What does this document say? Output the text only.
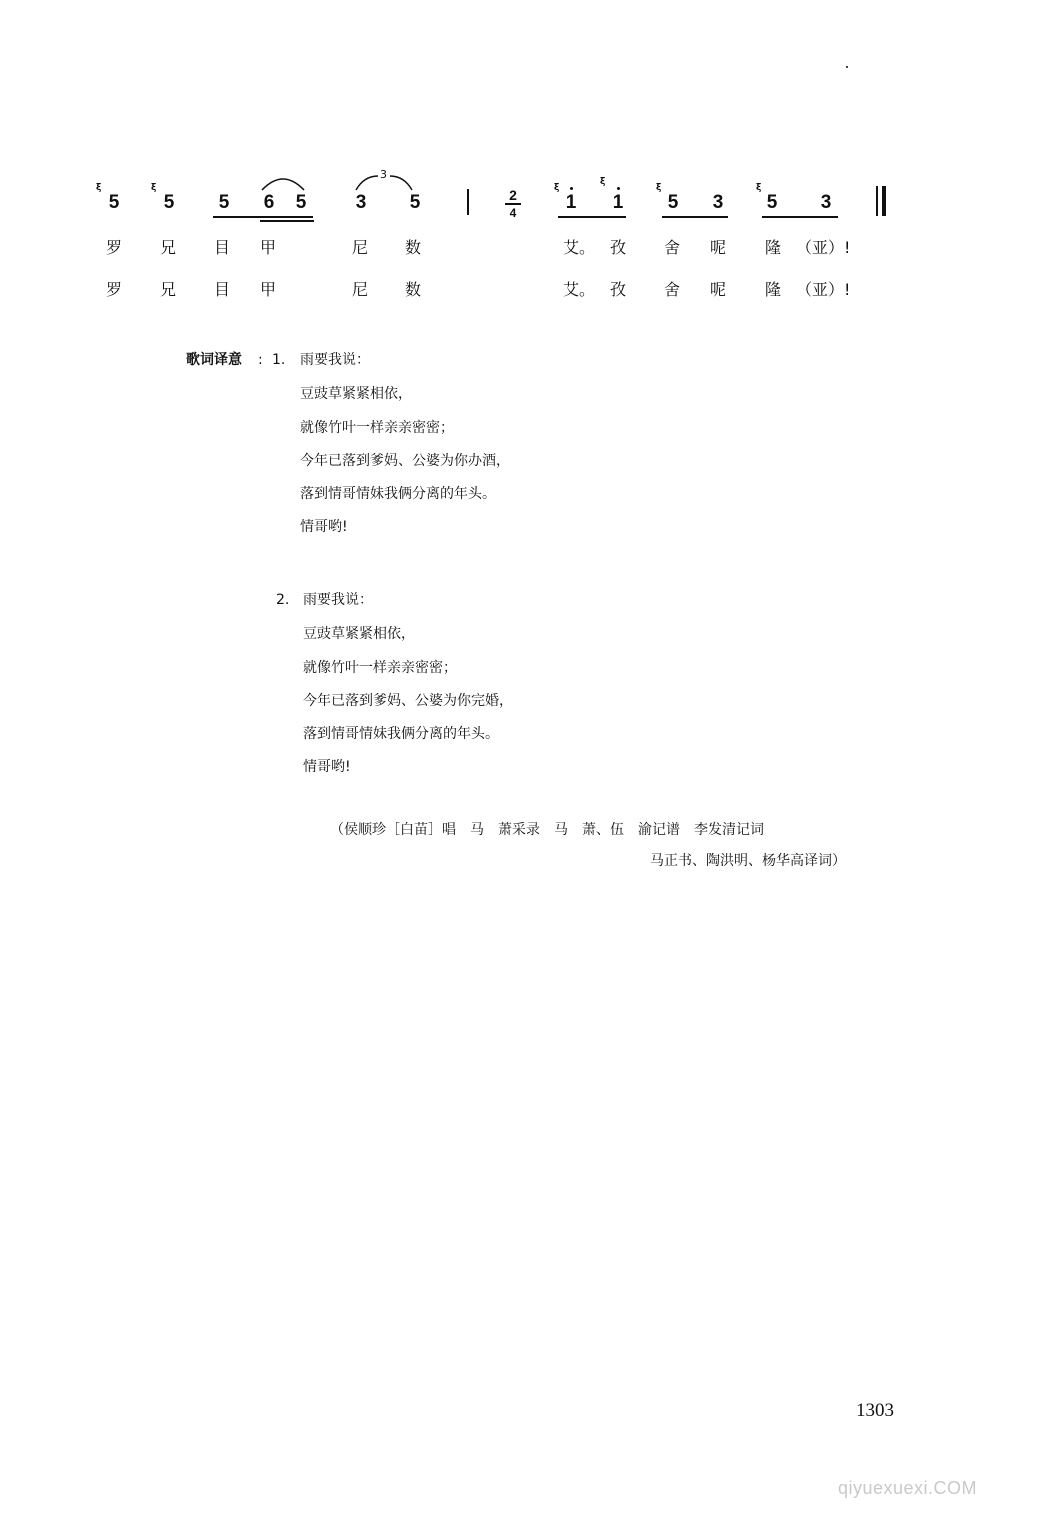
ξ	ξ	ξ
ξ
ξ	ξ
5	5	5	6	5	3	5	1	1	5	3	5	3
3
2
4
罗 兄 目 甲	尼 数	艾。 孜 舍 呢 隆 （亚）!
罗 兄 目 甲	尼 数	艾。 孜 舍 呢 隆 （亚）!
歌词译意 : 1. 雨要我说：
豆豉草紧紧相依，
就像竹叶一样亲亲密密；
今年已落到爹妈、公婆为你办酒，
落到情哥情妹我俩分离的年头。
情哥哟!
2. 雨要我说：
豆豉草紧紧相依，
就像竹叶一样亲亲密密；
今年已落到爹妈、公婆为你完婚，
落到情哥情妹我俩分离的年头。
情哥哟!
（侯顺珍［白苗］唱　马　萧采录　马　萧、伍　渝记谱　李发清记词
马正书、陶洪明、杨华高译词）
1303
qiyuexuexi.COM
